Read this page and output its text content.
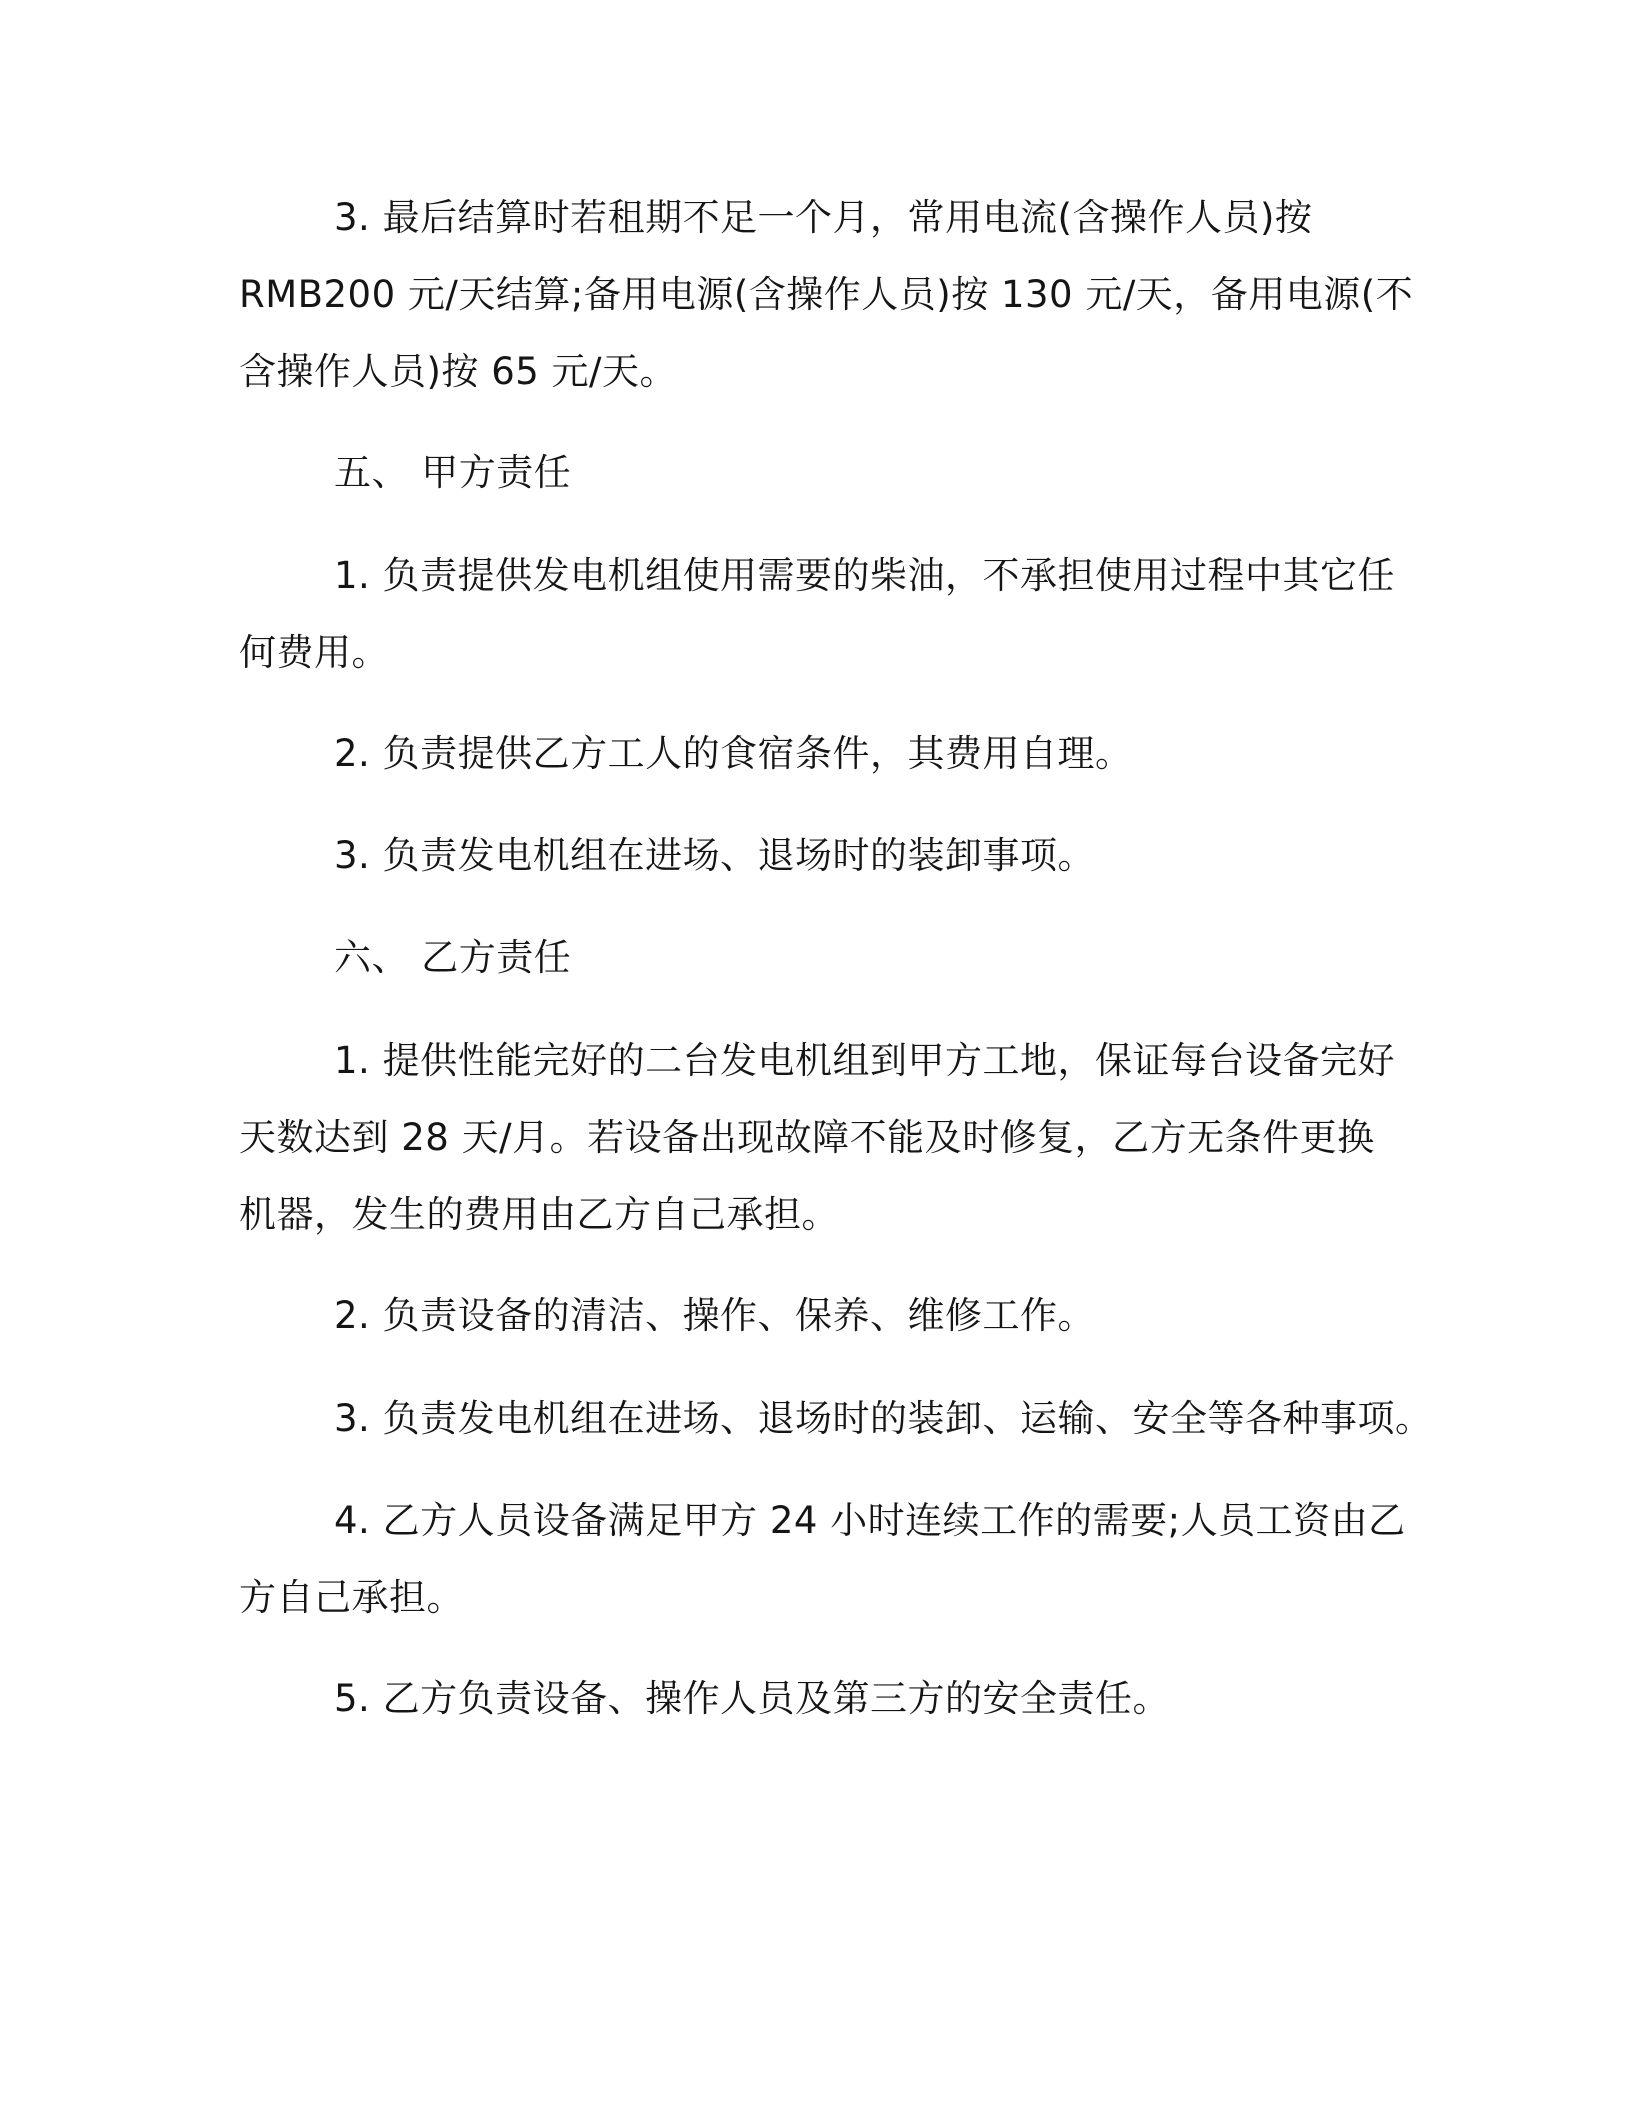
3. 最后结算时若租期不足一个月，常用电流(含操作人员)按
RMB200 元/天结算;备用电源(含操作人员)按 130 元/天，备用电源(不
含操作人员)按 65 元/天。
五、 甲方责任
1. 负责提供发电机组使用需要的柴油，不承担使用过程中其它任
何费用。
2. 负责提供乙方工人的食宿条件，其费用自理。
3. 负责发电机组在进场、退场时的装卸事项。
六、 乙方责任
1. 提供性能完好的二台发电机组到甲方工地，保证每台设备完好
天数达到 28 天/月。若设备出现故障不能及时修复，乙方无条件更换
机器，发生的费用由乙方自己承担。
2. 负责设备的清洁、操作、保养、维修工作。
3. 负责发电机组在进场、退场时的装卸、运输、安全等各种事项。
4. 乙方人员设备满足甲方 24 小时连续工作的需要;人员工资由乙
方自己承担。
5. 乙方负责设备、操作人员及第三方的安全责任。
